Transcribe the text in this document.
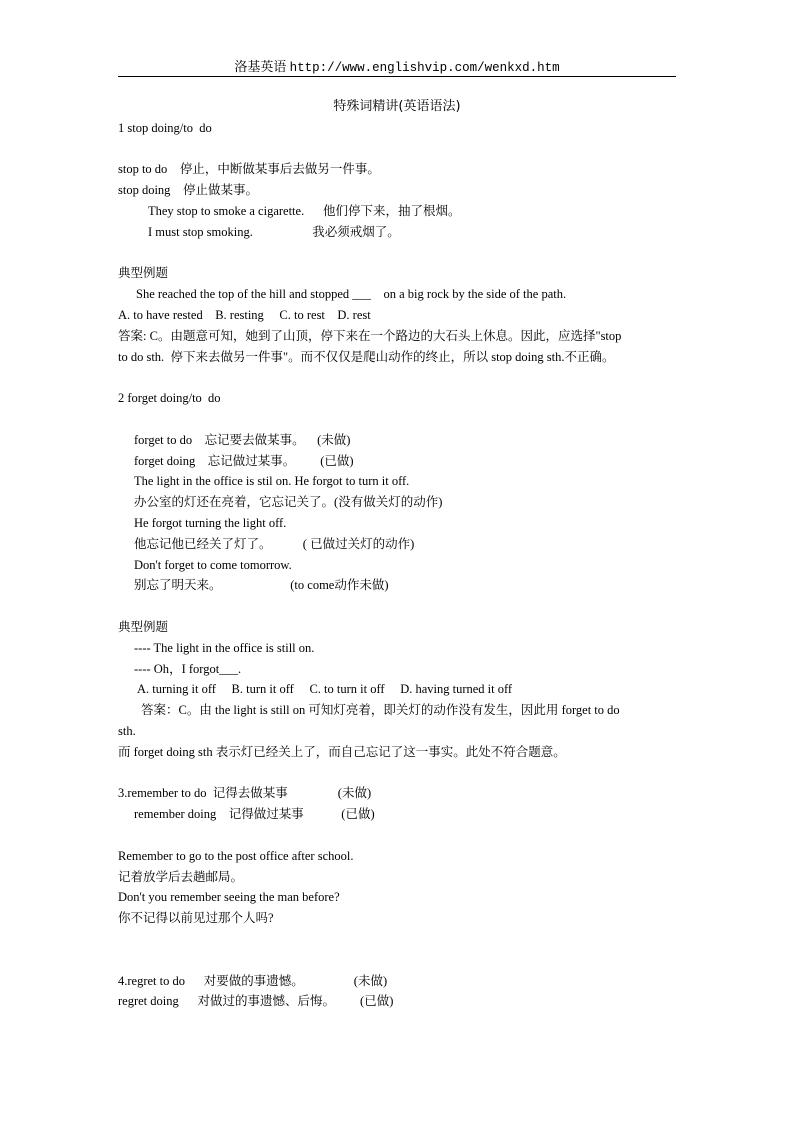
洛基英语 http://www.englishvip.com/wenkxd.htm
特殊词精讲(英语语法)
1 stop doing/to  do
stop to do    停止，中断做某事后去做另一件事。
stop doing    停止做某事。
They stop to smoke a cigarette.      他们停下来，抽了根烟。
I must stop smoking.                   我必须戒烟了。
典型例题
She reached the top of the hill and stopped ___    on a big rock by the side of the path.
A. to have rested    B. resting     C. to rest    D. rest
答案: C。由题意可知，她到了山顶，停下来在一个路边的大石头上休息。因此，应选择"stop
to do sth.  停下来去做另一件事"。而不仅仅是爬山动作的终止，所以 stop doing sth.不正确。
2 forget doing/to  do
forget to do    忘记要去做某事。    (未做)
forget doing    忘记做过某事。        (已做)
The light in the office is stil on. He forgot to turn it off.
办公室的灯还在亮着，它忘记关了。(没有做关灯的动作)
He forgot turning the light off.
他忘记他已经关了灯了。          ( 已做过关灯的动作)
Don't forget to come tomorrow.
别忘了明天来。                      (to come动作未做)
典型例题
---- The light in the office is still on.
---- Oh，I forgot___.
A. turning it off     B. turn it off     C. to turn it off     D. having turned it off
答案：C。由 the light is still on 可知灯亮着，即关灯的动作没有发生，因此用 forget to do
sth.
而 forget doing sth 表示灯已经关上了，而自己忘记了这一事实。此处不符合题意。
3.remember to do  记得去做某事                (未做)
remember doing    记得做过某事            (已做)
Remember to go to the post office after school.
记着放学后去趟邮局。
Don't you remember seeing the man before?
你不记得以前见过那个人吗?
4.regret to do      对要做的事遗憾。                (未做)
regret doing      对做过的事遗憾、后悔。        (已做)
